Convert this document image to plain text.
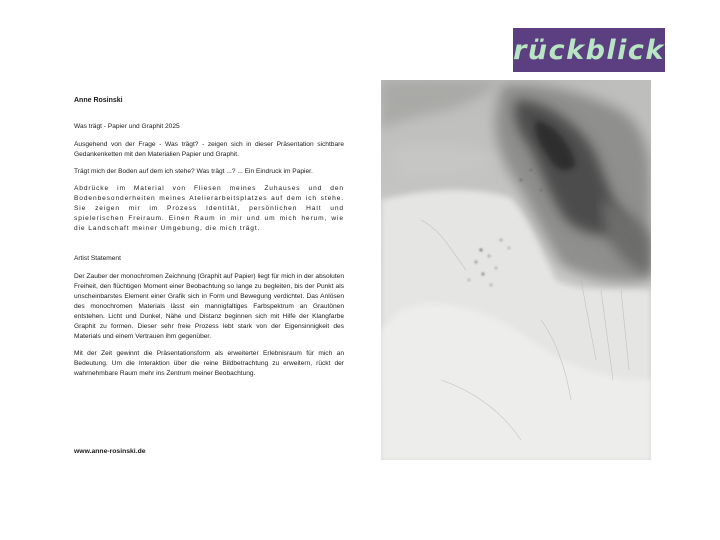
rückblick

Anne Rosinski

Was trägt - Papier und Graphit 2025

Ausgehend von der Frage - Was trägt? - zeigen sich in dieser Präsentation sichtbare Gedankenketten mit den Materialien Papier und Graphit.

Trägt mich der Boden auf dem ich stehe? Was trägt ...? ... Ein Eindruck im Papier.

Abdrücke im Material von Fliesen meines Zuhauses und den Bodenbesonderheiten meines Atelierarbeitsplatzes auf dem ich stehe. Sie zeigen mir im Prozess Identität, persönlichen Halt und spielerischen Freiraum. Einen Raum in mir und um mich herum, wie die Landschaft meiner Umgebung, die mich trägt.

Artist Statement

Der Zauber der monochromen Zeichnung (Graphit auf Papier) liegt für mich in der absoluten Freiheit, den flüchtigen Moment einer Beobachtung so lange zu begleiten, bis der Punkt als unscheinbarstes Element einer Grafik sich in Form und Bewegung verdichtet. Das Anlösen des monochromen Materials lässt ein mannigfaltiges Farbspektrum an Grautönen entstehen. Licht und Dunkel, Nähe und Distanz beginnen sich mit Hilfe der Klangfarbe Graphit zu formen. Dieser sehr freie Prozess lebt stark von der Eigensinnigkeit des Materials und einem Vertrauen ihm gegenüber.

Mit der Zeit gewinnt die Präsentationsform als erweiterter Erlebnisraum für mich an Bedeutung. Um die Interaktion über die reine Bildbetrachtung zu erweitern, rückt der wahrnehmbare Raum mehr ins Zentrum meiner Beobachtung.

www.anne-rosinski.de
